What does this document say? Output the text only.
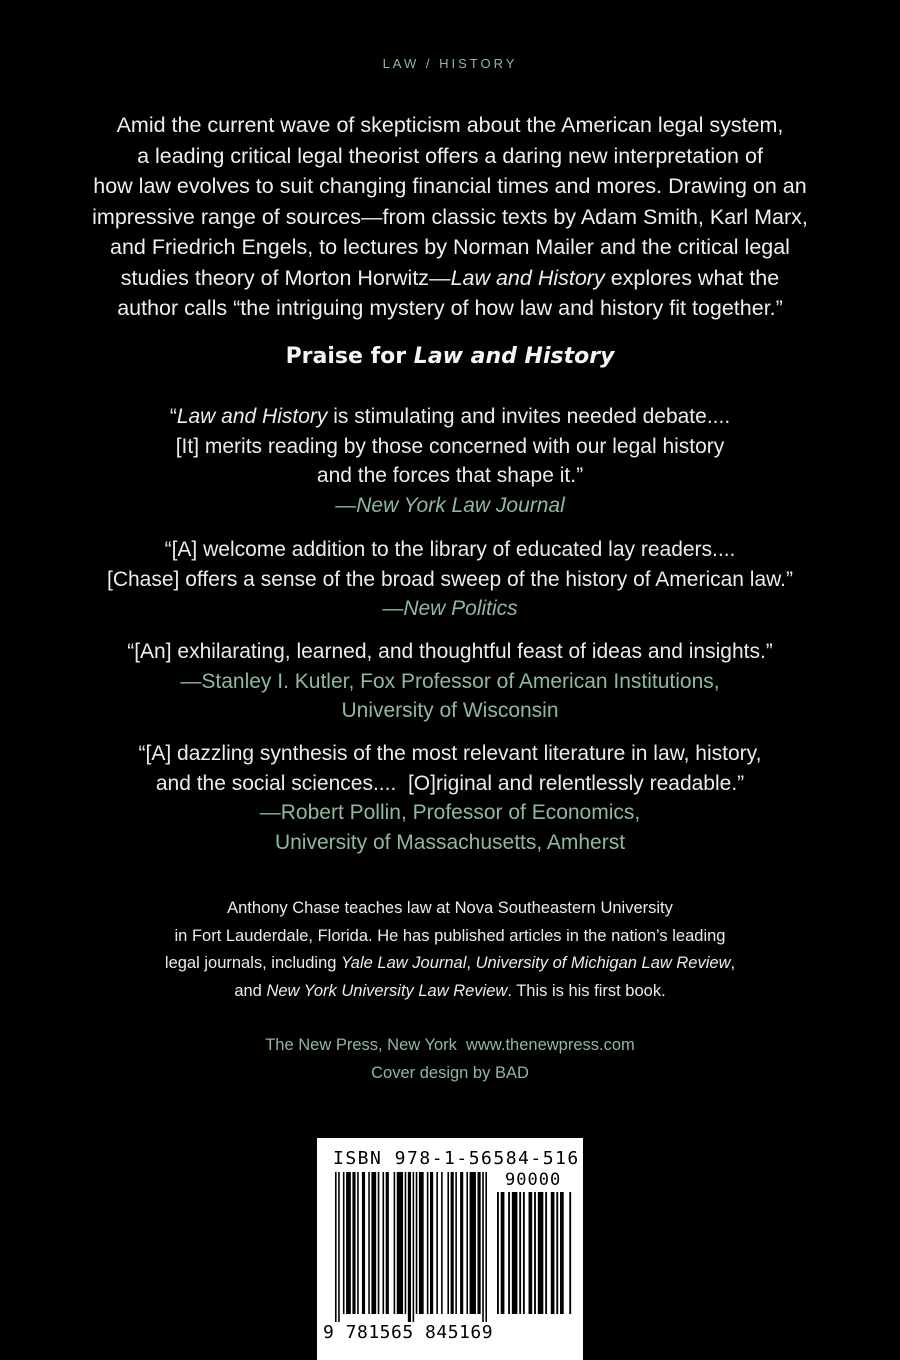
LAW / HISTORY

Amid the current wave of skepticism about the American legal system,
a leading critical legal theorist offers a daring new interpretation of
how law evolves to suit changing financial times and mores. Drawing on an
impressive range of sources—from classic texts by Adam Smith, Karl Marx,
and Friedrich Engels, to lectures by Norman Mailer and the critical legal
studies theory of Morton Horwitz—Law and History explores what the
author calls “the intriguing mystery of how law and history fit together.”

Praise for Law and History
“Law and History is stimulating and invites needed debate....
[It] merits reading by those concerned with our legal history
and the forces that shape it.”
—New York Law Journal
“[A] welcome addition to the library of educated lay readers....
[Chase] offers a sense of the broad sweep of the history of American law.”
—New Politics
“[An] exhilarating, learned, and thoughtful feast of ideas and insights.”
—Stanley I. Kutler, Fox Professor of American Institutions,
University of Wisconsin
“[A] dazzling synthesis of the most relevant literature in law, history,
and the social sciences....  [O]riginal and relentlessly readable.”
—Robert Pollin, Professor of Economics,
University of Massachusetts, Amherst
Anthony Chase teaches law at Nova Southeastern University
in Fort Lauderdale, Florida. He has published articles in the nation’s leading
legal journals, including Yale Law Journal, University of Michigan Law Review,
and New York University Law Review. This is his first book.
The New Press, New York  www.thenewpress.com
Cover design by BAD
ISBN 978-1-56584-516-9
90000
9 781565 845169
